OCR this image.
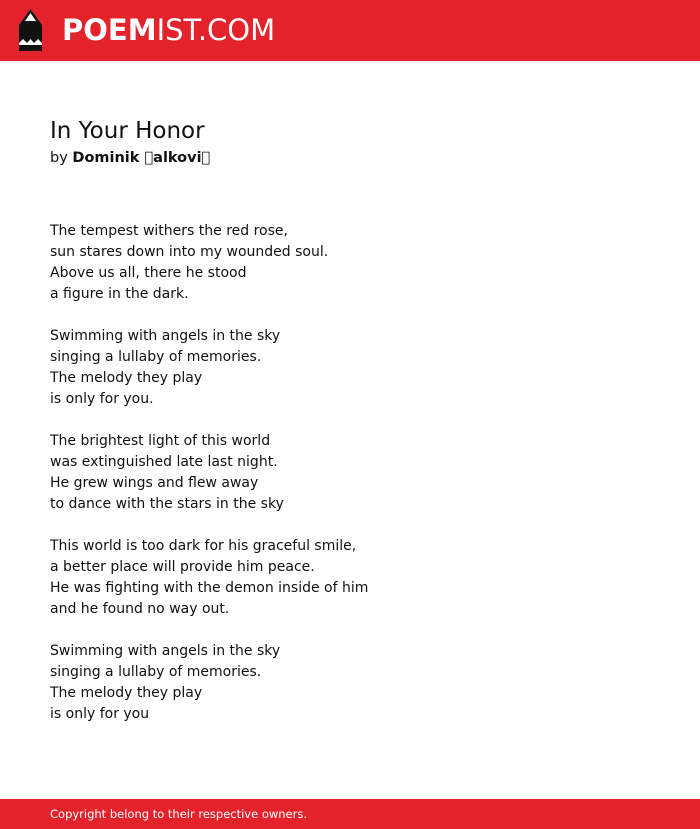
POEMIST.COM
In Your Honor
by Dominik  alkovi 
The tempest withers the red rose,
sun stares down into my wounded soul.
Above us all, there he stood
a figure in the dark.
Swimming with angels in the sky
singing a lullaby of memories.
The melody they play
is only for you.
The brightest light of this world
was extinguished late last night.
He grew wings and flew away
to dance with the stars in the sky
This world is too dark for his graceful smile,
a better place will provide him peace.
He was fighting with the demon inside of him
and he found no way out.
Swimming with angels in the sky
singing a lullaby of memories.
The melody they play
is only for you
Copyright belong to their respective owners.
